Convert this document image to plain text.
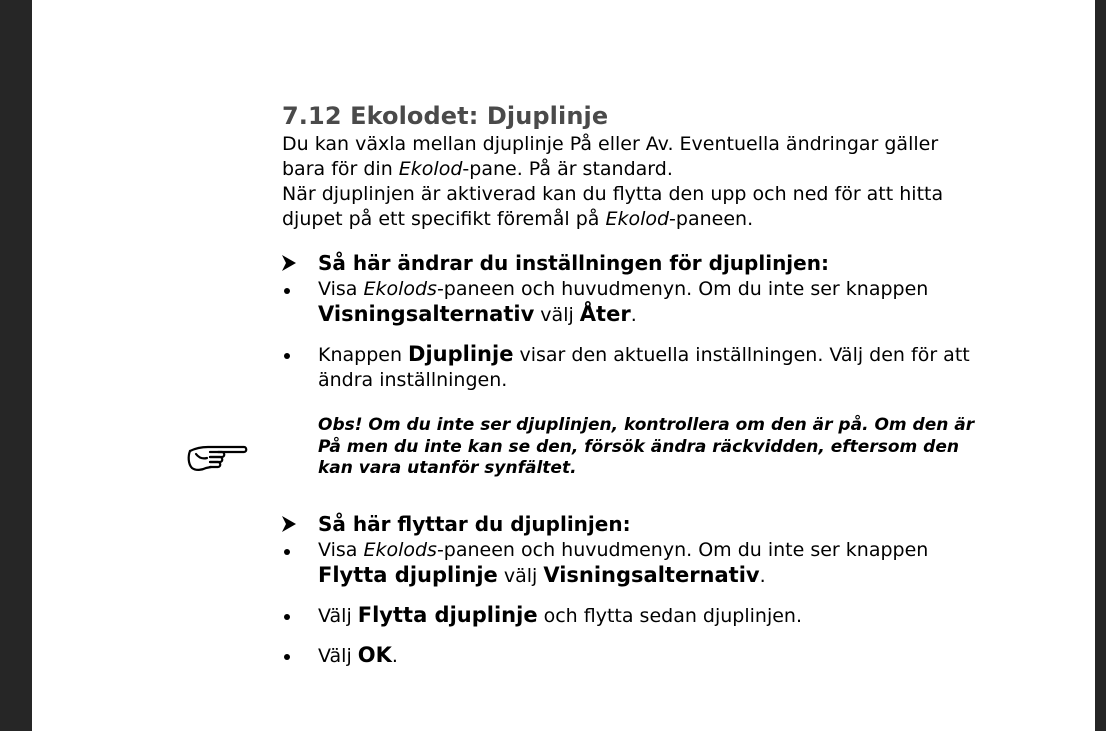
7.12 Ekolodet: Djuplinje

Du kan växla mellan djuplinje På eller Av. Eventuella ändringar gäller bara för din Ekolod-pane. På är standard.

När djuplinjen är aktiverad kan du flytta den upp och ned för att hitta djupet på ett specifikt föremål på Ekolod-paneen.

Så här ändrar du inställningen för djuplinjen:
Visa Ekolods-paneen och huvudmenyn. Om du inte ser knappen Visningsalternativ välj Åter.
Knappen Djuplinje visar den aktuella inställningen. Välj den för att ändra inställningen.
Obs! Om du inte ser djuplinjen, kontrollera om den är på. Om den är På men du inte kan se den, försök ändra räckvidden, eftersom den kan vara utanför synfältet.
Så här flyttar du djuplinjen:
Visa Ekolods-paneen och huvudmenyn. Om du inte ser knappen Flytta djuplinje välj Visningsalternativ.
Välj Flytta djuplinje och flytta sedan djuplinjen.
Välj OK.
